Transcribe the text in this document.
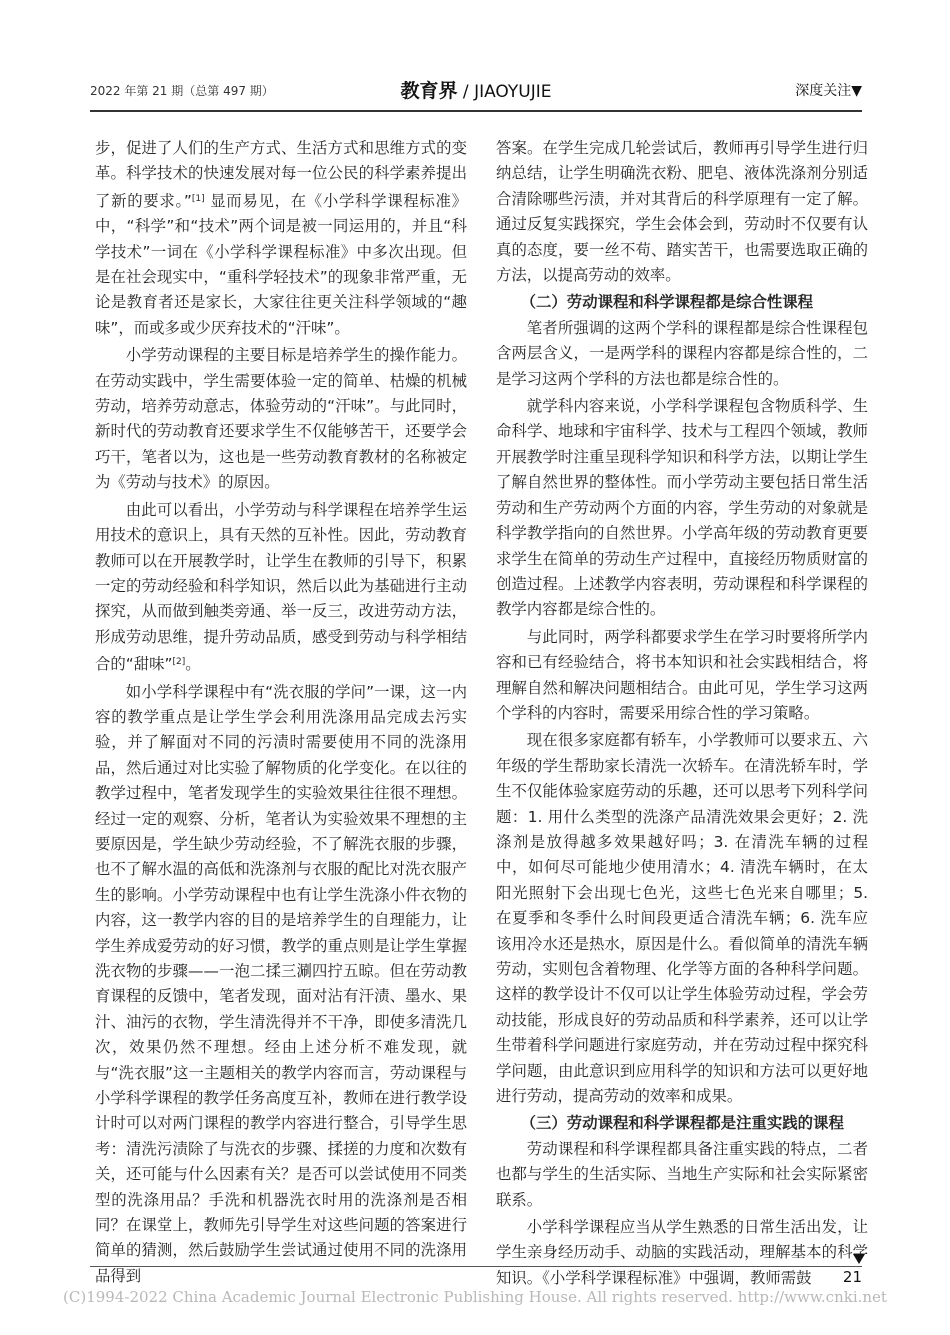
2022 年第 21 期（总第 497 期）	教育界 / JIAOYUJIE	深度关注▼

步，促进了人们的生产方式、生活方式和思维方式的变革。科学技术的快速发展对每一位公民的科学素养提出了新的要求。”[1] 显而易见，在《小学科学课程标准》中，“科学”和“技术”两个词是被一同运用的，并且“科学技术”一词在《小学科学课程标准》中多次出现。但是在社会现实中，“重科学轻技术”的现象非常严重，无论是教育者还是家长，大家往往更关注科学领域的“趣味”，而或多或少厌弃技术的“汗味”。

小学劳动课程的主要目标是培养学生的操作能力。在劳动实践中，学生需要体验一定的简单、枯燥的机械劳动，培养劳动意志，体验劳动的“汗味”。与此同时，新时代的劳动教育还要求学生不仅能够苦干，还要学会巧干，笔者以为，这也是一些劳动教育教材的名称被定为《劳动与技术》的原因。

由此可以看出，小学劳动与科学课程在培养学生运用技术的意识上，具有天然的互补性。因此，劳动教育教师可以在开展教学时，让学生在教师的引导下，积累一定的劳动经验和科学知识，然后以此为基础进行主动探究，从而做到触类旁通、举一反三，改进劳动方法，形成劳动思维，提升劳动品质，感受到劳动与科学相结合的“甜味”[2]。

如小学科学课程中有“洗衣服的学问”一课，这一内容的教学重点是让学生学会利用洗涤用品完成去污实验，并了解面对不同的污渍时需要使用不同的洗涤用品，然后通过对比实验了解物质的化学变化。在以往的教学过程中，笔者发现学生的实验效果往往很不理想。经过一定的观察、分析，笔者认为实验效果不理想的主要原因是，学生缺少劳动经验，不了解洗衣服的步骤，也不了解水温的高低和洗涤剂与衣服的配比对洗衣服产生的影响。小学劳动课程中也有让学生洗涤小件衣物的内容，这一教学内容的目的是培养学生的自理能力，让学生养成爱劳动的好习惯，教学的重点则是让学生掌握洗衣物的步骤——一泡二揉三涮四拧五晾。但在劳动教育课程的反馈中，笔者发现，面对沾有汗渍、墨水、果汁、油污的衣物，学生清洗得并不干净，即使多清洗几次，效果仍然不理想。经由上述分析不难发现，就与“洗衣服”这一主题相关的教学内容而言，劳动课程与小学科学课程的教学任务高度互补，教师在进行教学设计时可以对两门课程的教学内容进行整合，引导学生思考：清洗污渍除了与洗衣的步骤、揉搓的力度和次数有关，还可能与什么因素有关？是否可以尝试使用不同类型的洗涤用品？手洗和机器洗衣时用的洗涤剂是否相同？在课堂上，教师先引导学生对这些问题的答案进行简单的猜测，然后鼓励学生尝试通过使用不同的洗涤用品得到

答案。在学生完成几轮尝试后，教师再引导学生进行归纳总结，让学生明确洗衣粉、肥皂、液体洗涤剂分别适合清除哪些污渍，并对其背后的科学原理有一定了解。通过反复实践探究，学生会体会到，劳动时不仅要有认真的态度，要一丝不苟、踏实苦干，也需要选取正确的方法，以提高劳动的效率。

（二）劳动课程和科学课程都是综合性课程

笔者所强调的这两个学科的课程都是综合性课程包含两层含义，一是两学科的课程内容都是综合性的，二是学习这两个学科的方法也都是综合性的。

就学科内容来说，小学科学课程包含物质科学、生命科学、地球和宇宙科学、技术与工程四个领域，教师开展教学时注重呈现科学知识和科学方法，以期让学生了解自然世界的整体性。而小学劳动主要包括日常生活劳动和生产劳动两个方面的内容，学生劳动的对象就是科学教学指向的自然世界。小学高年级的劳动教育更要求学生在简单的劳动生产过程中，直接经历物质财富的创造过程。上述教学内容表明，劳动课程和科学课程的教学内容都是综合性的。

与此同时，两学科都要求学生在学习时要将所学内容和已有经验结合，将书本知识和社会实践相结合，将理解自然和解决问题相结合。由此可见，学生学习这两个学科的内容时，需要采用综合性的学习策略。

现在很多家庭都有轿车，小学教师可以要求五、六年级的学生帮助家长清洗一次轿车。在清洗轿车时，学生不仅能体验家庭劳动的乐趣，还可以思考下列科学问题：1. 用什么类型的洗涤产品清洗效果会更好；2. 洗涤剂是放得越多效果越好吗；3. 在清洗车辆的过程中，如何尽可能地少使用清水；4. 清洗车辆时，在太阳光照射下会出现七色光，这些七色光来自哪里；5. 在夏季和冬季什么时间段更适合清洗车辆；6. 洗车应该用冷水还是热水，原因是什么。看似简单的清洗车辆劳动，实则包含着物理、化学等方面的各种科学问题。这样的教学设计不仅可以让学生体验劳动过程，学会劳动技能，形成良好的劳动品质和科学素养，还可以让学生带着科学问题进行家庭劳动，并在劳动过程中探究科学问题，由此意识到应用科学的知识和方法可以更好地进行劳动，提高劳动的效率和成果。

（三）劳动课程和科学课程都是注重实践的课程

劳动课程和科学课程都具备注重实践的特点，二者也都与学生的生活实际、当地生产实际和社会实际紧密联系。

小学科学课程应当从学生熟悉的日常生活出发，让学生亲身经历动手、动脑的实践活动，理解基本的科学知识。《小学科学课程标准》中强调，教师需鼓	21
(C)1994-2022 China Academic Journal Electronic Publishing House. All rights reserved. http://www.cnki.net
